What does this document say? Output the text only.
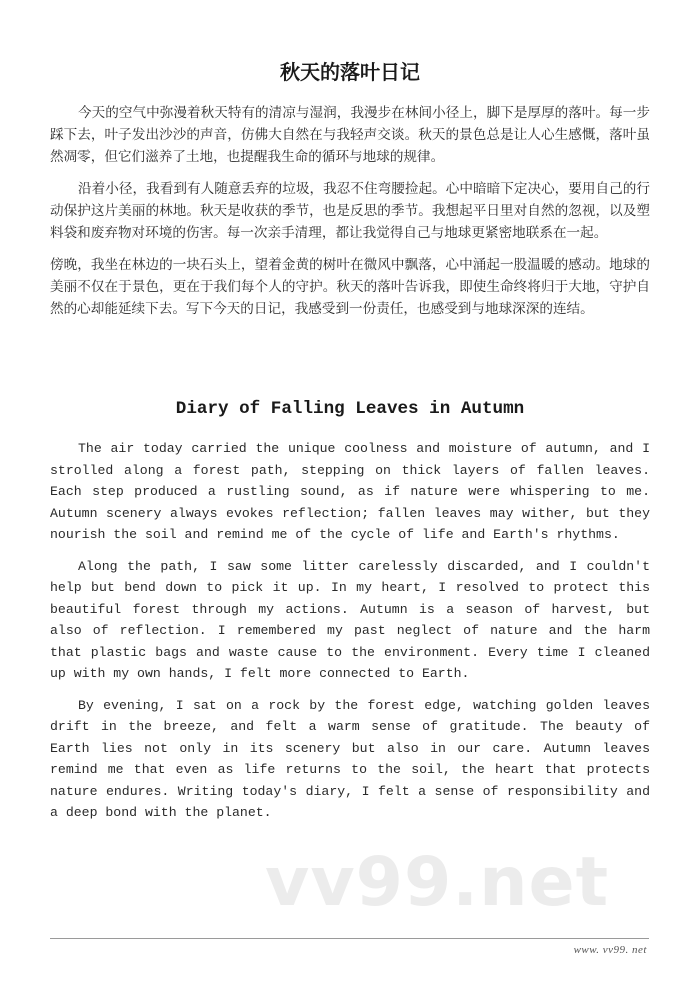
秋天的落叶日记

今天的空气中弥漫着秋天特有的清凉与湿润，我漫步在林间小径上，脚下是厚厚的落叶。每一步踩下去，叶子发出沙沙的声音，仿佛大自然在与我轻声交谈。秋天的景色总是让人心生感慨，落叶虽然凋零，但它们滋养了土地，也提醒我生命的循环与地球的规律。

沿着小径，我看到有人随意丢弃的垃圾，我忍不住弯腰捡起。心中暗暗下定决心，要用自己的行动保护这片美丽的林地。秋天是收获的季节，也是反思的季节。我想起平日里对自然的忽视，以及塑料袋和废弃物对环境的伤害。每一次亲手清理，都让我觉得自己与地球更紧密地联系在一起。

傍晚，我坐在林边的一块石头上，望着金黄的树叶在微风中飘落，心中涌起一股温暖的感动。地球的美丽不仅在于景色，更在于我们每个人的守护。秋天的落叶告诉我，即使生命终将归于大地，守护自然的心却能延续下去。写下今天的日记，我感受到一份责任，也感受到与地球深深的连结。

Diary of Falling Leaves in Autumn

The air today carried the unique coolness and moisture of autumn, and I strolled along a forest path, stepping on thick layers of fallen leaves. Each step produced a rustling sound, as if nature were whispering to me. Autumn scenery always evokes reflection; fallen leaves may wither, but they nourish the soil and remind me of the cycle of life and Earth's rhythms.

Along the path, I saw some litter carelessly discarded, and I couldn't help but bend down to pick it up. In my heart, I resolved to protect this beautiful forest through my actions. Autumn is a season of harvest, but also of reflection. I remembered my past neglect of nature and the harm that plastic bags and waste cause to the environment. Every time I cleaned up with my own hands, I felt more connected to Earth.

By evening, I sat on a rock by the forest edge, watching golden leaves drift in the breeze, and felt a warm sense of gratitude. The beauty of Earth lies not only in its scenery but also in our care. Autumn leaves remind me that even as life returns to the soil, the heart that protects nature endures. Writing today's diary, I felt a sense of responsibility and a deep bond with the planet.

vv99.net
www. vv99. net
